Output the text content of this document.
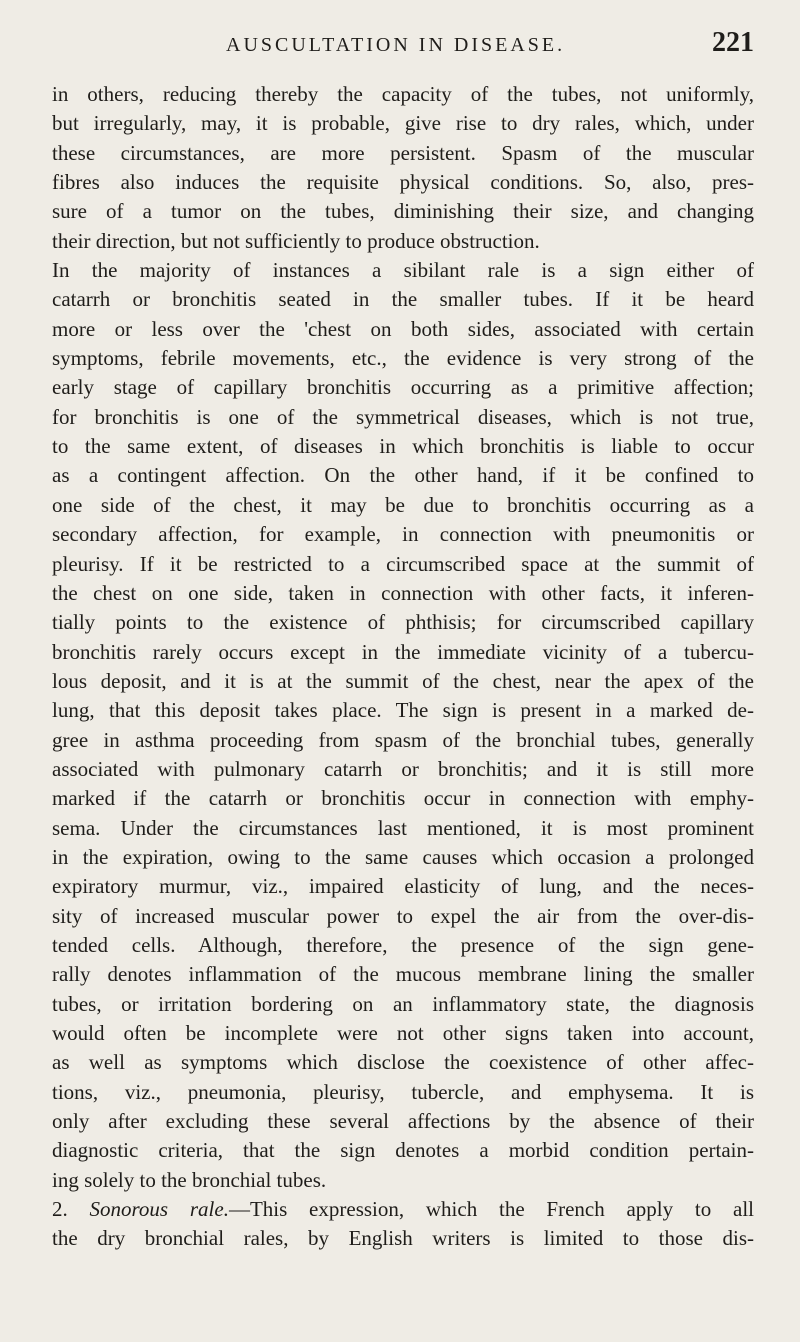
AUSCULTATION IN DISEASE.	221
in others, reducing thereby the capacity of the tubes, not uniformly,
but irregularly, may, it is probable, give rise to dry rales, which, under
these circumstances, are more persistent. Spasm of the muscular
fibres also induces the requisite physical conditions. So, also, pres-
sure of a tumor on the tubes, diminishing their size, and changing
their direction, but not sufficiently to produce obstruction.
In the majority of instances a sibilant rale is a sign either of
catarrh or bronchitis seated in the smaller tubes. If it be heard
more or less over the 'chest on both sides, associated with certain
symptoms, febrile movements, etc., the evidence is very strong of the
early stage of capillary bronchitis occurring as a primitive affection;
for bronchitis is one of the symmetrical diseases, which is not true,
to the same extent, of diseases in which bronchitis is liable to occur
as a contingent affection. On the other hand, if it be confined to
one side of the chest, it may be due to bronchitis occurring as a
secondary affection, for example, in connection with pneumonitis or
pleurisy. If it be restricted to a circumscribed space at the summit of
the chest on one side, taken in connection with other facts, it inferen-
tially points to the existence of phthisis; for circumscribed capillary
bronchitis rarely occurs except in the immediate vicinity of a tubercu-
lous deposit, and it is at the summit of the chest, near the apex of the
lung, that this deposit takes place. The sign is present in a marked de-
gree in asthma proceeding from spasm of the bronchial tubes, generally
associated with pulmonary catarrh or bronchitis; and it is still more
marked if the catarrh or bronchitis occur in connection with emphy-
sema. Under the circumstances last mentioned, it is most prominent
in the expiration, owing to the same causes which occasion a prolonged
expiratory murmur, viz., impaired elasticity of lung, and the neces-
sity of increased muscular power to expel the air from the over-dis-
tended cells. Although, therefore, the presence of the sign gene-
rally denotes inflammation of the mucous membrane lining the smaller
tubes, or irritation bordering on an inflammatory state, the diagnosis
would often be incomplete were not other signs taken into account,
as well as symptoms which disclose the coexistence of other affec-
tions, viz., pneumonia, pleurisy, tubercle, and emphysema. It is
only after excluding these several affections by the absence of their
diagnostic criteria, that the sign denotes a morbid condition pertain-
ing solely to the bronchial tubes.
2. Sonorous rale.—This expression, which the French apply to all
the dry bronchial rales, by English writers is limited to those dis-
